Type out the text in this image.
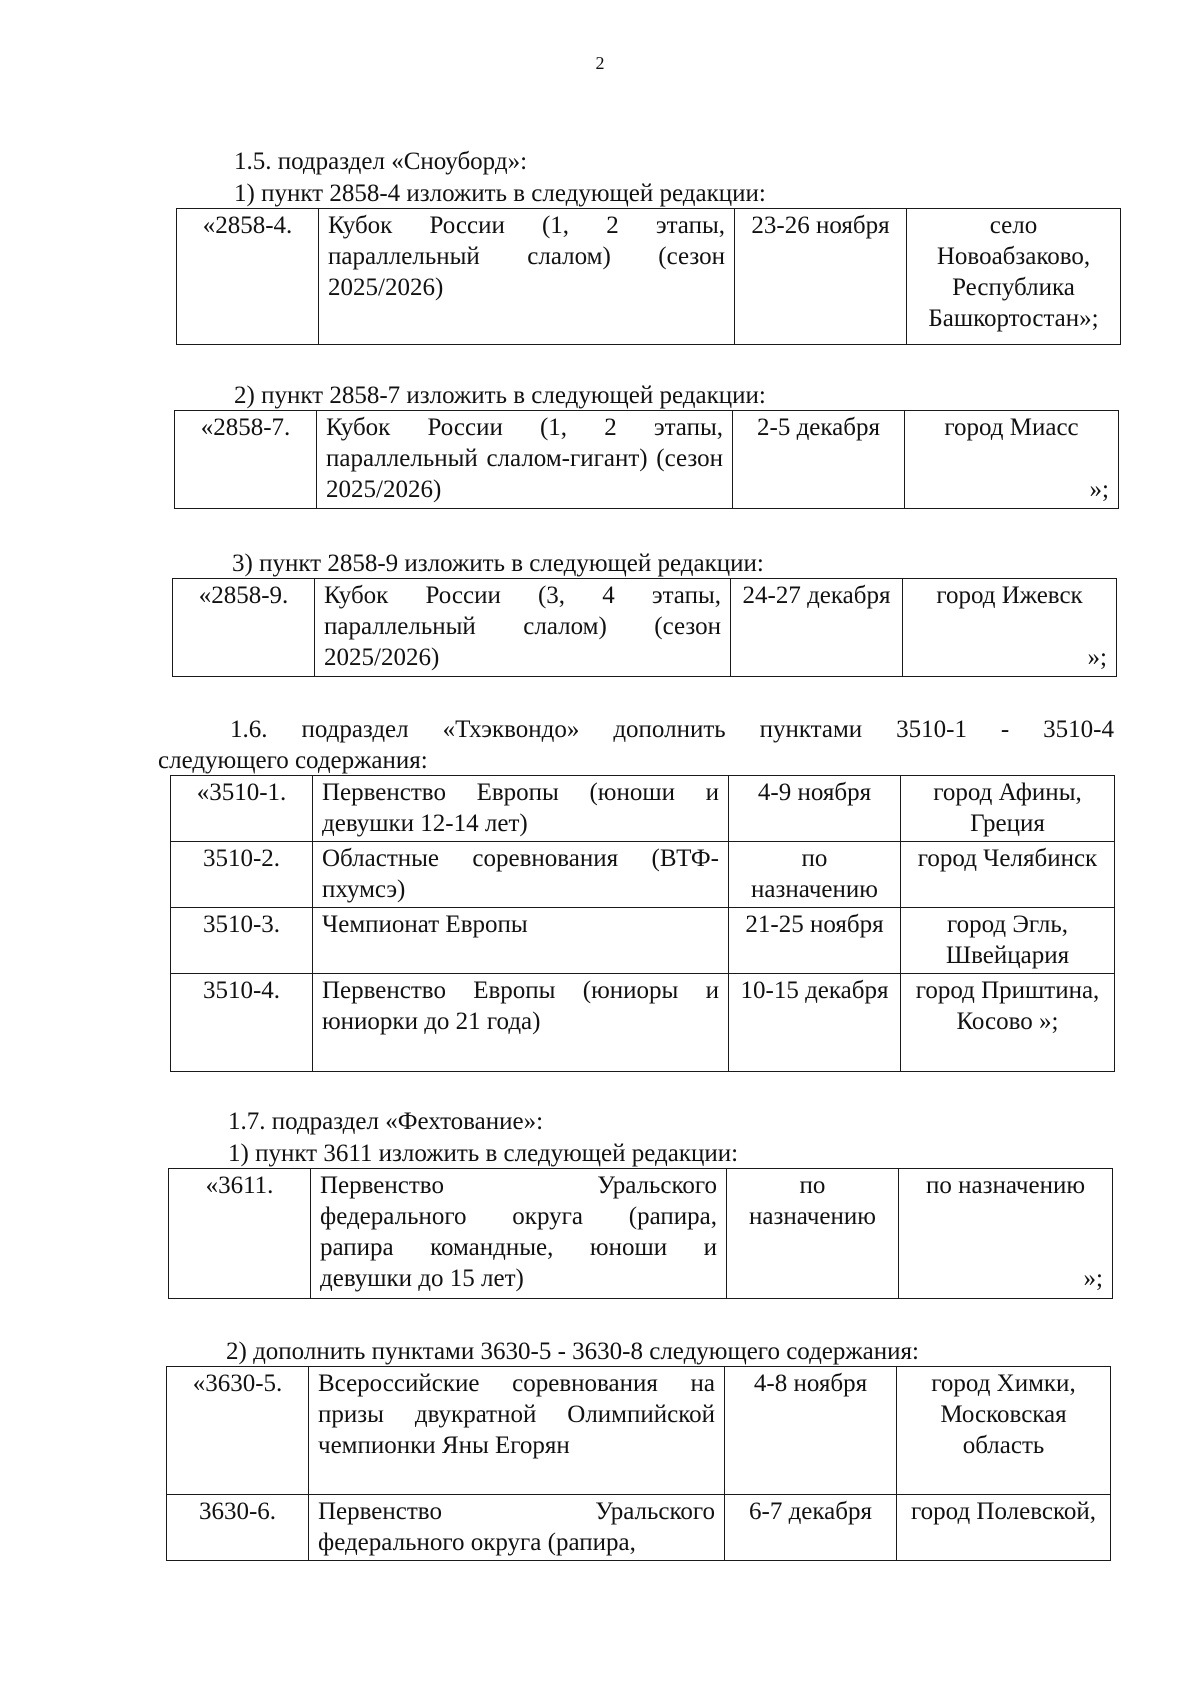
2
1.5. подраздел «Сноуборд»:
1) пункт 2858-4 изложить в следующей редакции:
«2858-4.	Кубок России (1, 2 этапы, параллельный слалом) (сезон 2025/2026)	23-26 ноября	село Новоабзаково, Республика Башкортостан»;
2) пункт 2858-7 изложить в следующей редакции:
«2858-7.	Кубок России (1, 2 этапы, параллельный слалом-гигант) (сезон 2025/2026)	2-5 декабря	город Миасс
»;
3) пункт 2858-9 изложить в следующей редакции:
«2858-9.	Кубок России (3, 4 этапы, параллельный слалом) (сезон 2025/2026)	24-27 декабря	город Ижевск
»;
1.6. подраздел «Тхэквондо» дополнить пунктами 3510-1 - 3510-4
следующего содержания:
«3510-1.	Первенство Европы (юноши и девушки 12-14 лет)	4-9 ноября	город Афины, Греция
3510-2.	Областные соревнования (ВТФ-пхумсэ)	по назначению	город Челябинск
3510-3.	Чемпионат Европы	21-25 ноября	город Эгль, Швейцария
3510-4.	Первенство Европы (юниоры и юниорки до 21 года)	10-15 декабря	город Приштина, Косово »;
1.7. подраздел «Фехтование»:
1) пункт 3611 изложить в следующей редакции:
«3611.	Первенство Уральского федерального округа (рапира, рапира командные, юноши и девушки до 15 лет)	по назначению	по назначению
»;
2) дополнить пунктами 3630-5 - 3630-8 следующего содержания:
«3630-5.	Всероссийские соревнования на призы двукратной Олимпийской чемпионки Яны Егорян	4-8 ноября	город Химки, Московская область
3630-6.	Первенство Уральского федерального округа (рапира,	6-7 декабря	город Полевской,
